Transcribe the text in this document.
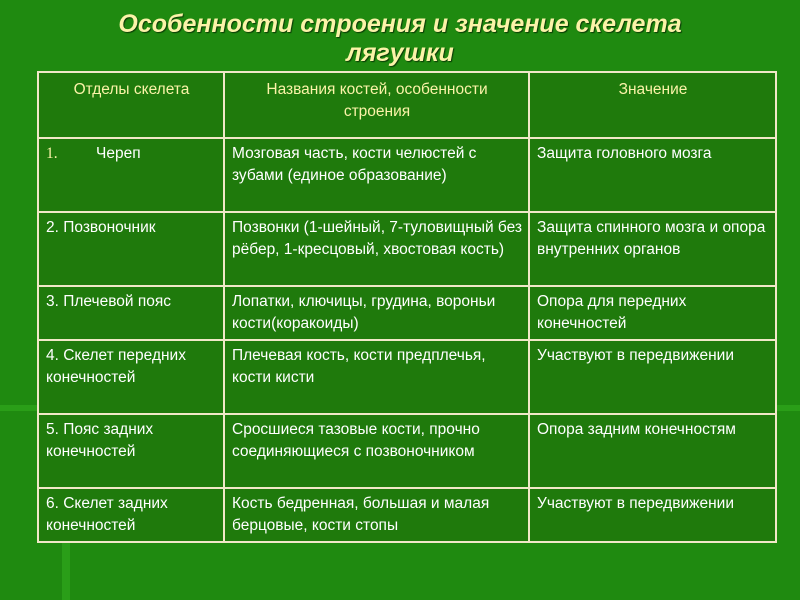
Особенности строения и значение скелета
лягушки
Отделы скелета	Названия костей, особенности строения	Значение
1. Череп	Мозговая часть, кости челюстей с зубами (единое образование)	Защита головного мозга
2. Позвоночник	Позвонки (1-шейный, 7-туловищный без рёбер, 1-кресцовый, хвостовая кость)	Защита спинного мозга и опора внутренних органов
3. Плечевой пояс	Лопатки, ключицы, грудина, вороньи кости(коракоиды)	Опора для передних конечностей
4. Скелет передних конечностей	Плечевая кость, кости предплечья, кости кисти	Участвуют в передвижении
5. Пояс задних конечностей	Сросшиеся тазовые кости, прочно соединяющиеся с позвоночником	Опора задним конечностям
6. Скелет задних конечностей	Кость бедренная, большая и малая берцовые, кости стопы	Участвуют в передвижении
